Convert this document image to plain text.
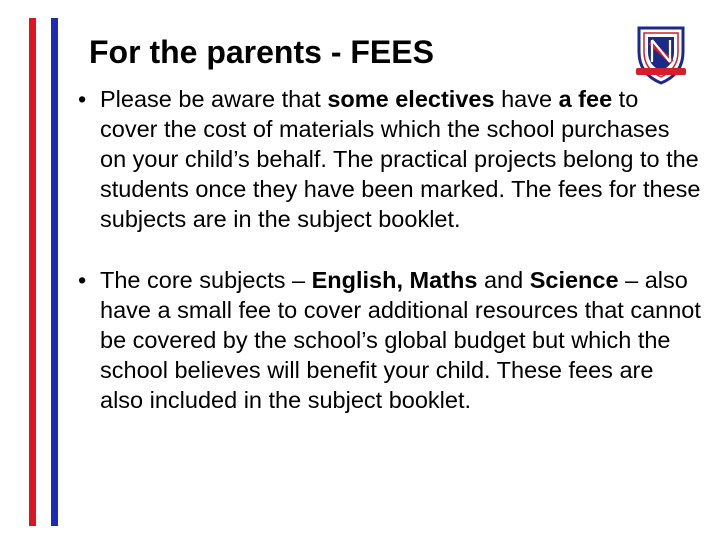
For the parents - FEES
• Please be aware that some electives have a fee to cover the cost of materials which the school purchases on your child’s behalf. The practical projects belong to the students once they have been marked. The fees for these subjects are in the subject booklet.
• The core subjects – English, Maths and Science – also have a small fee to cover additional resources that cannot be covered by the school’s global budget but which the school believes will benefit your child. These fees are also included in the subject booklet.
